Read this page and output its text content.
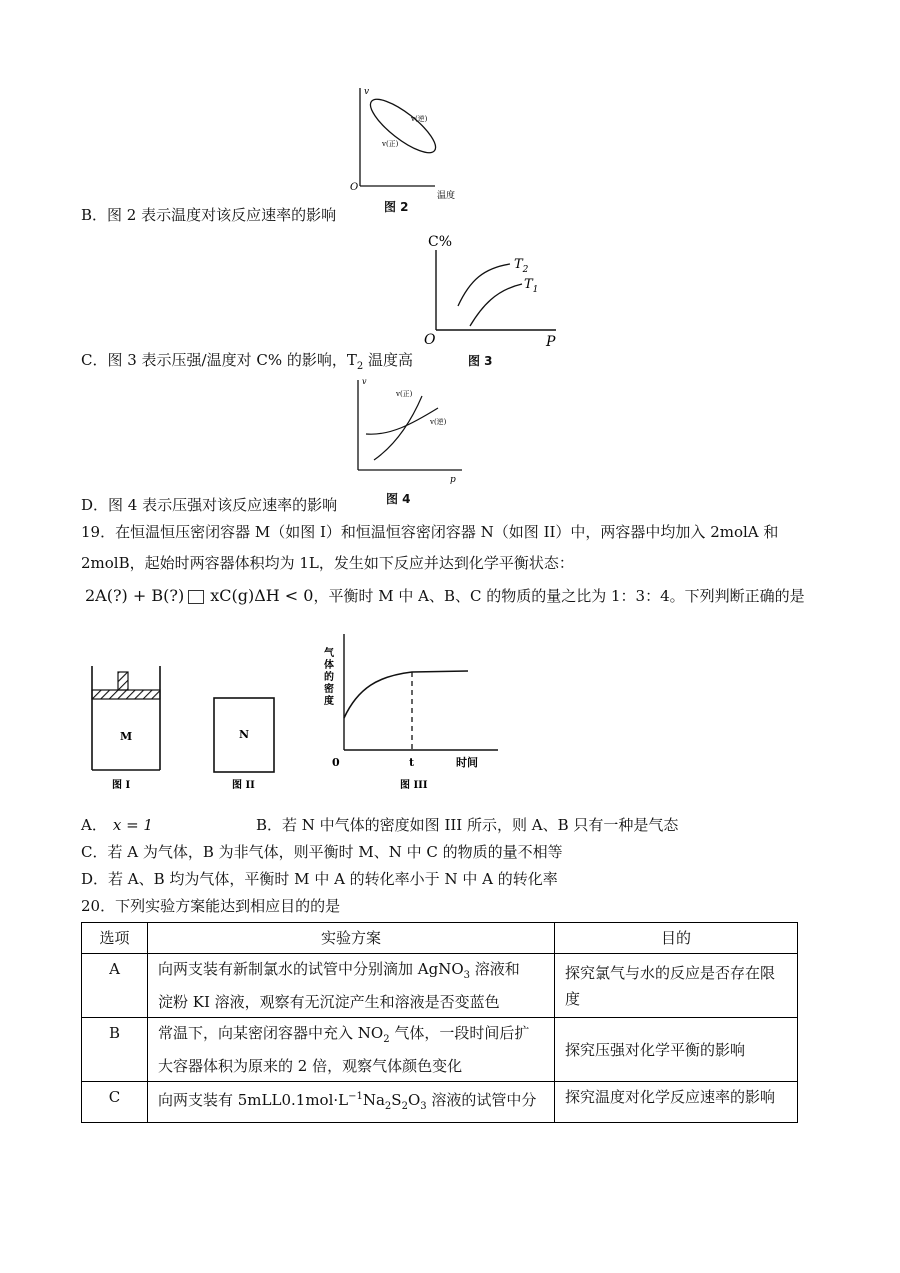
v
O
温度
v(逆)
v(正)
图 2
B．图 2 表示温度对该反应速率的影响
C%
O	P
$T_2$
$T_1$
图 3
C．图 3 表示压强/温度对 C% 的影响，$T_2$ 温度高
v
p
v(正)
v(逆)
图 4
D．图 4 表示压强对该反应速率的影响
19．在恒温恒压密闭容器 M（如图 I）和恒温恒容密闭容器 N（如图 II）中，两容器中均加入 2molA 和
2molB，起始时两容器体积均为 1L，发生如下反应并达到化学平衡状态：
2A(?) + B(?) xC(g)ΔH < 0，平衡时 M 中 A、B、C 的物质的量之比为 1：3：4。下列判断正确的是
M
图 I
N
图 II
气
体
的
密
度
0	t	时间
图 III
A． x = 1	B．若 N 中气体的密度如图 III 所示，则 A、B 只有一种是气态
C．若 A 为气体，B 为非气体，则平衡时 M、N 中 C 的物质的量不相等
D．若 A、B 均为气体，平衡时 M 中 A 的转化率小于 N 中 A 的转化率
20．下列实验方案能达到相应目的的是
选项	实验方案	目的
A	向两支装有新制氯水的试管中分别滴加 AgNO$_3$ 溶液和
淀粉 KI 溶液，观察有无沉淀产生和溶液是否变蓝色	探究氯气与水的反应是否存在限度
B	常温下，向某密闭容器中充入 $NO_2$ 气体，一段时间后扩
大容器体积为原来的 2 倍，观察气体颜色变化	探究压强对化学平衡的影响
C	向两支装有 $5mLL0.1mol\cdot L^{-1}Na_2S_2O_3$ 溶液的试管中分	探究温度对化学反应速率的影响
